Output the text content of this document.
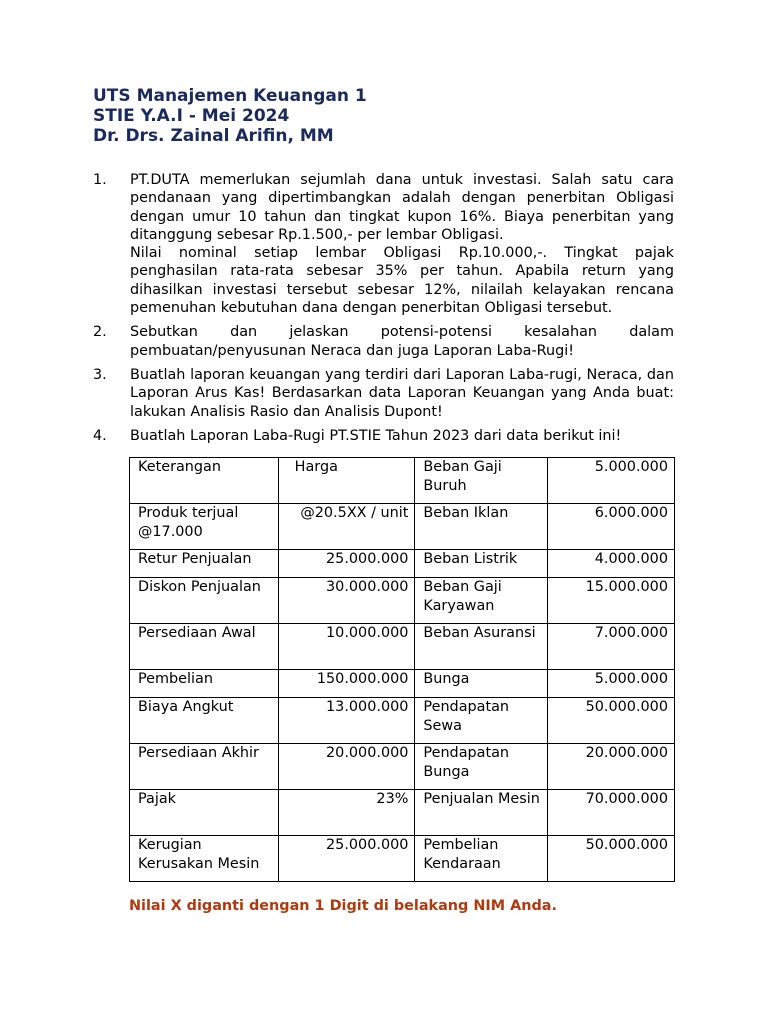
UTS Manajemen Keuangan 1
STIE Y.A.I - Mei 2024
Dr. Drs. Zainal Arifin, MM
1. PT.DUTA memerlukan sejumlah dana untuk investasi. Salah satu cara pendanaan yang dipertimbangkan adalah dengan penerbitan Obligasi dengan umur 10 tahun dan tingkat kupon 16%. Biaya penerbitan yang ditanggung sebesar Rp.1.500,- per lembar Obligasi.
Nilai nominal setiap lembar Obligasi Rp.10.000,-. Tingkat pajak penghasilan rata-rata sebesar 35% per tahun. Apabila return yang dihasilkan investasi tersebut sebesar 12%, nilailah kelayakan rencana pemenuhan kebutuhan dana dengan penerbitan Obligasi tersebut.
2. Sebutkan dan jelaskan potensi-potensi kesalahan dalam pembuatan/penyusunan Neraca dan juga Laporan Laba-Rugi!
3. Buatlah laporan keuangan yang terdiri dari Laporan Laba-rugi, Neraca, dan Laporan Arus Kas! Berdasarkan data Laporan Keuangan yang Anda buat: lakukan Analisis Rasio dan Analisis Dupont!
4. Buatlah Laporan Laba-Rugi PT.STIE Tahun 2023 dari data berikut ini!
Keterangan	Harga	Beban Gaji Buruh	5.000.000
Produk terjual @17.000	@20.5XX / unit	Beban Iklan	6.000.000
Retur Penjualan	25.000.000	Beban Listrik	4.000.000
Diskon Penjualan	30.000.000	Beban Gaji Karyawan	15.000.000
Persediaan Awal	10.000.000	Beban Asuransi	7.000.000
Pembelian	150.000.000	Bunga	5.000.000
Biaya Angkut	13.000.000	Pendapatan Sewa	50.000.000
Persediaan Akhir	20.000.000	Pendapatan Bunga	20.000.000
Pajak	23%	Penjualan Mesin	70.000.000
Kerugian Kerusakan Mesin	25.000.000	Pembelian Kendaraan	50.000.000
Nilai X diganti dengan 1 Digit di belakang NIM Anda.
